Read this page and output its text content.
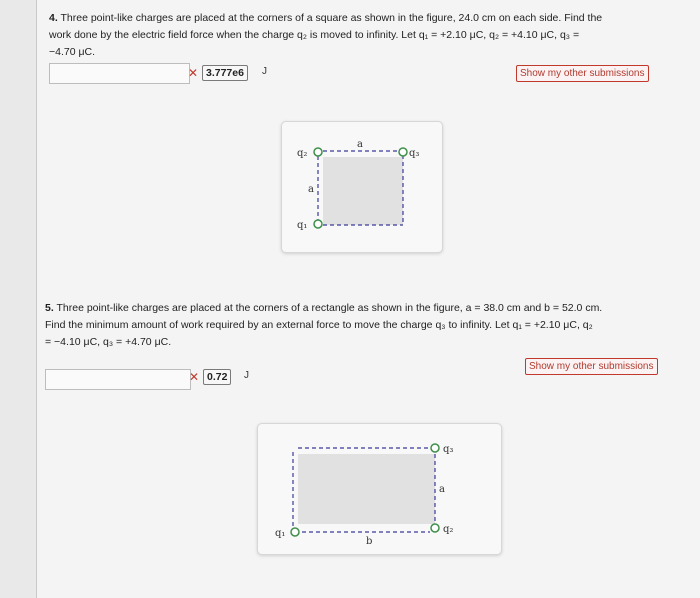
4. Three point-like charges are placed at the corners of a square as shown in the figure, 24.0 cm on each side. Find the
work done by the electric field force when the charge q₂ is moved to infinity. Let q₁ = +2.10 μC, q₂ = +4.10 μC, q₃ =
−4.70 μC.
✕ 3.777e6	J	Show my other submissions
q₂	q₃
q₁
a
a
5. Three point-like charges are placed at the corners of a rectangle as shown in the figure, a = 38.0 cm and b = 52.0 cm.
Find the minimum amount of work required by an external force to move the charge q₃ to infinity. Let q₁ = +2.10 μC, q₂
= −4.10 μC, q₃ = +4.70 μC.
✕ 0.72	J
Show my other submissions
q₃
q₂
q₁
a
b
